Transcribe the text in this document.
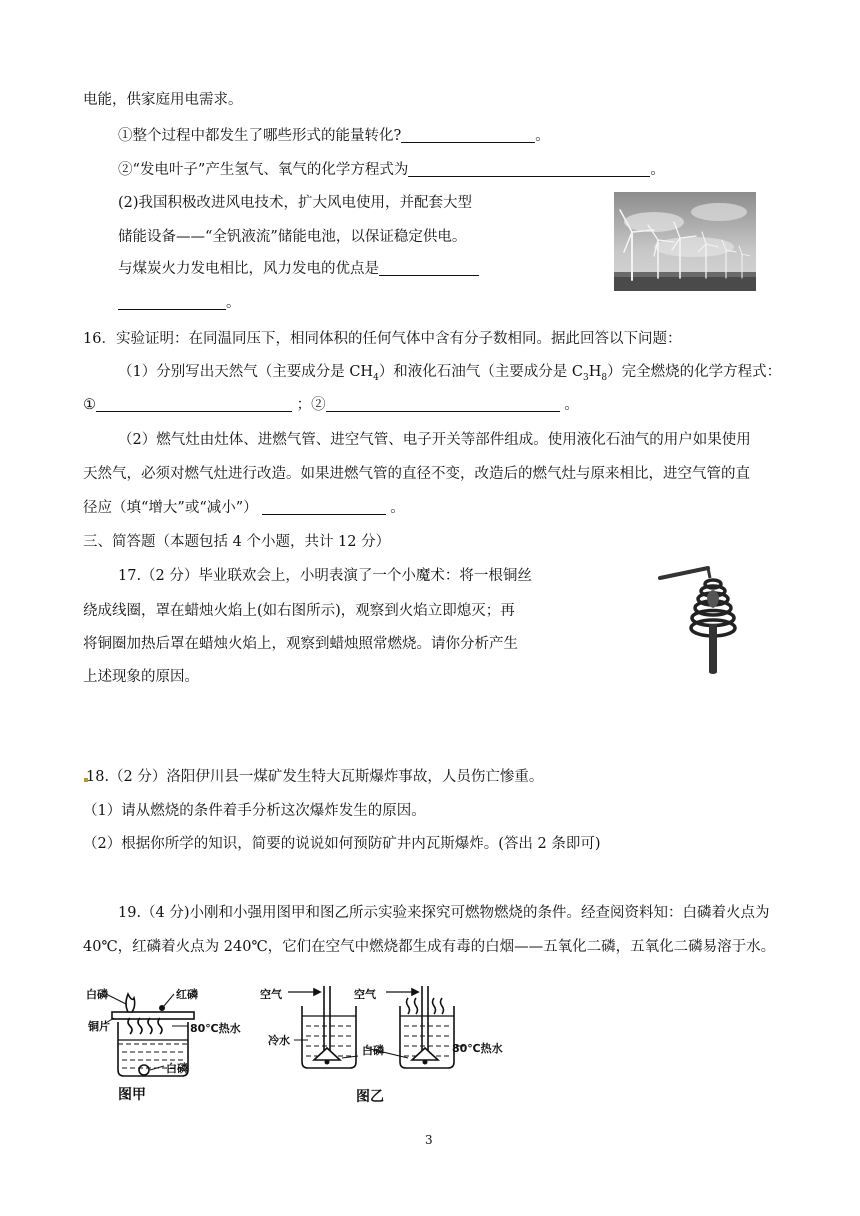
电能，供家庭用电需求。
①整个过程中都发生了哪些形式的能量转化?	。
②“发电叶子”产生氢气、氧气的化学方程式为	。
(2)我国积极改进风电技术，扩大风电使用，并配套大型
储能设备——“全钒液流”储能电池，以保证稳定供电。
与煤炭火力发电相比，风力发电的优点是
。
16．实验证明：在同温同压下，相同体积的任何气体中含有分子数相同。据此回答以下问题：
（1）分别写出天然气（主要成分是 $CH_4$）和液化石油气（主要成分是 $C_3H_8$）完全燃烧的化学方程式：
①	；②	。
（2）燃气灶由灶体、进燃气管、进空气管、电子开关等部件组成。使用液化石油气的用户如果使用
天然气，必须对燃气灶进行改造。如果进燃气管的直径不变，改造后的燃气灶与原来相比，进空气管的直
径应（填“增大”或“减小”）	。
三、简答题（本题包括 4 个小题，共计 12 分）
17.（2 分）毕业联欢会上，小明表演了一个小魔术：将一根铜丝
绕成线圈，罩在蜡烛火焰上(如右图所示)，观察到火焰立即熄灭；再
将铜圈加热后罩在蜡烛火焰上，观察到蜡烛照常燃烧。请你分析产生
上述现象的原因。
18.（2 分）洛阳伊川县一煤矿发生特大瓦斯爆炸事故，人员伤亡惨重。
（1）请从燃烧的条件着手分析这次爆炸发生的原因。
（2）根据你所学的知识，简要的说说如何预防矿井内瓦斯爆炸。(答出 2 条即可)
19.（4 分)小刚和小强用图甲和图乙所示实验来探究可燃物燃烧的条件。经查阅资料知：白磷着火点为
40℃，红磷着火点为 240℃，它们在空气中燃烧都生成有毒的白烟——五氧化二磷，五氧化二磷易溶于水。
白磷	红磷
铜片	80℃热水
白磷
图甲
空气	空气
冷水
白磷	80℃热水
图乙
3
